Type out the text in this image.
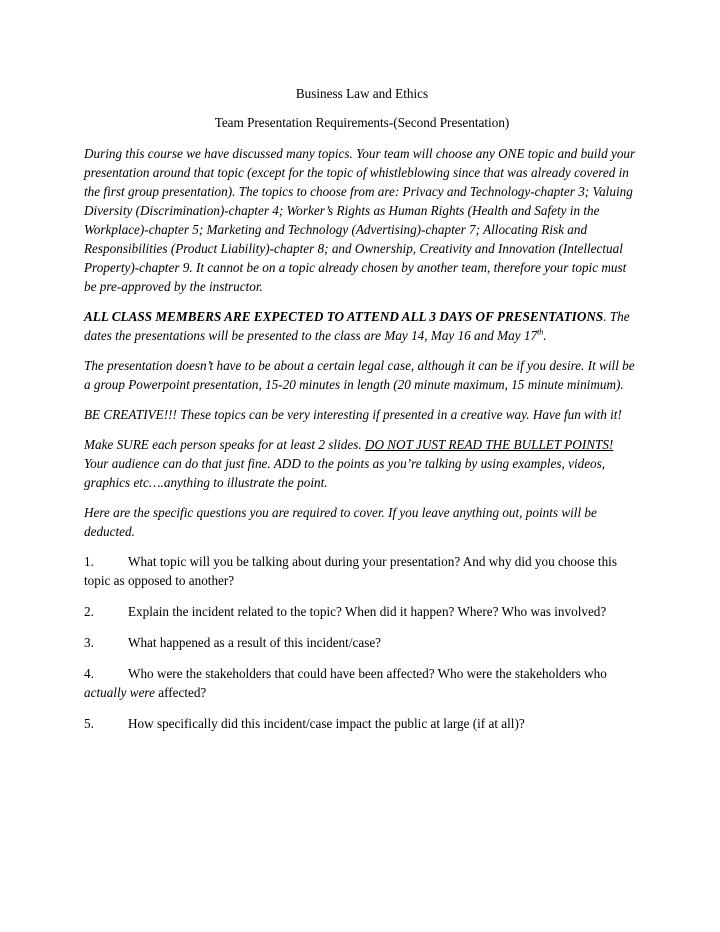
Business Law and Ethics

Team Presentation Requirements-(Second Presentation)

During this course we have discussed many topics. Your team will choose any ONE topic and build your presentation around that topic (except for the topic of whistleblowing since that was already covered in the first group presentation). The topics to choose from are: Privacy and Technology-chapter 3; Valuing Diversity (Discrimination)-chapter 4; Worker’s Rights as Human Rights (Health and Safety in the Workplace)-chapter 5; Marketing and Technology (Advertising)-chapter 7; Allocating Risk and Responsibilities (Product Liability)-chapter 8; and Ownership, Creativity and Innovation (Intellectual Property)-chapter 9. It cannot be on a topic already chosen by another team, therefore your topic must be pre-approved by the instructor.

ALL CLASS MEMBERS ARE EXPECTED TO ATTEND ALL 3 DAYS OF PRESENTATIONS. The dates the presentations will be presented to the class are May 14, May 16 and May 17th.

The presentation doesn’t have to be about a certain legal case, although it can be if you desire. It will be a group Powerpoint presentation, 15-20 minutes in length (20 minute maximum, 15 minute minimum).

BE CREATIVE!!! These topics can be very interesting if presented in a creative way. Have fun with it!

Make SURE each person speaks for at least 2 slides. DO NOT JUST READ THE BULLET POINTS! Your audience can do that just fine. ADD to the points as you’re talking by using examples, videos, graphics etc….anything to illustrate the point.

Here are the specific questions you are required to cover. If you leave anything out, points will be deducted.

1.	What topic will you be talking about during your presentation? And why did you choose this topic as opposed to another?

2.	Explain the incident related to the topic? When did it happen? Where? Who was involved?

3.	What happened as a result of this incident/case?

4.	Who were the stakeholders that could have been affected? Who were the stakeholders who actually were affected?

5.	How specifically did this incident/case impact the public at large (if at all)?
